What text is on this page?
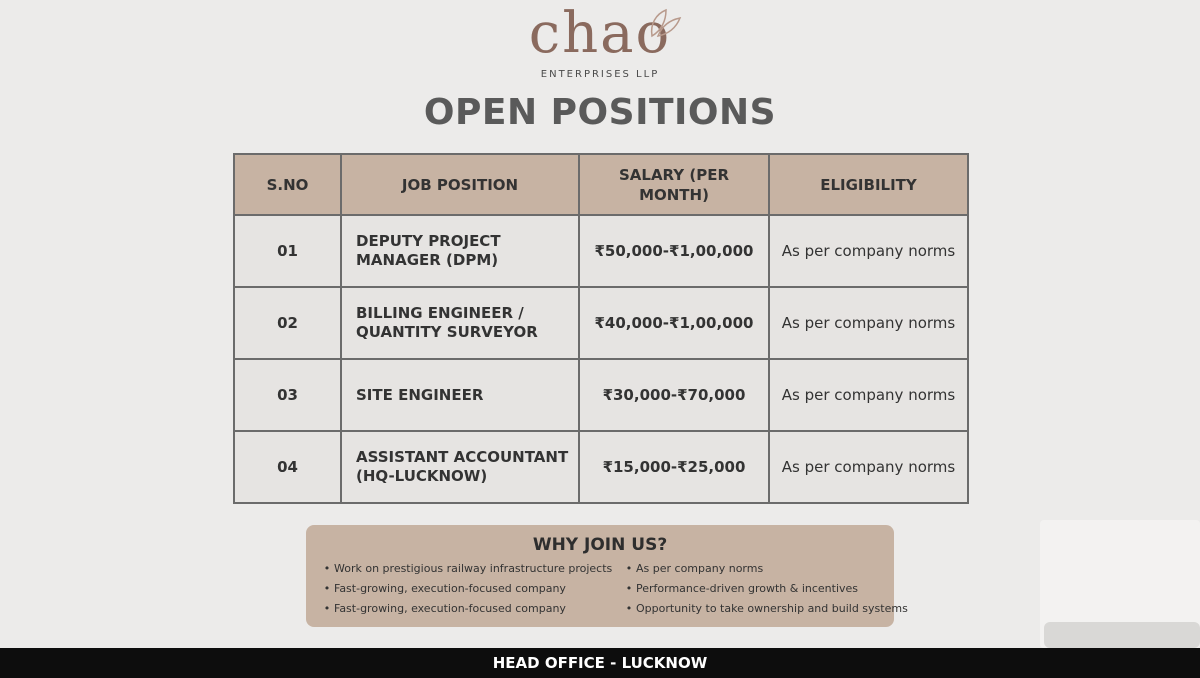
chao
ENTERPRISES LLP
OPEN POSITIONS
S.NO	JOB POSITION	SALARY (PER MONTH)	ELIGIBILITY
01	DEPUTY PROJECT
MANAGER (DPM)	₹50,000-₹1,00,000	As per company norms
02	BILLING ENGINEER /
QUANTITY SURVEYOR	₹40,000-₹1,00,000	As per company norms
03	SITE ENGINEER	₹30,000-₹70,000	As per company norms
04	ASSISTANT ACCOUNTANT
(HQ-LUCKNOW)	₹15,000-₹25,000	As per company norms
WHY JOIN US?
• Work on prestigious railway infrastructure projects
• Fast-growing, execution-focused company
• Fast-growing, execution-focused company
• As per company norms
• Performance-driven growth & incentives
• Opportunity to take ownership and build systems
HEAD OFFICE - LUCKNOW
